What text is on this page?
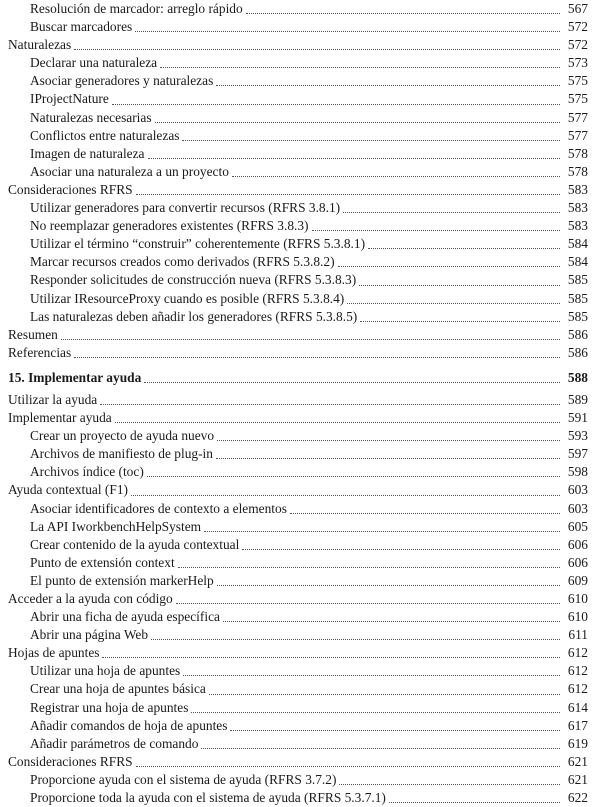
Resolución de marcador: arreglo rápido	567
Buscar marcadores	572
Naturalezas	572
Declarar una naturaleza	573
Asociar generadores y naturalezas	575
IProjectNature	575
Naturalezas necesarias	577
Conflictos entre naturalezas	577
Imagen de naturaleza	578
Asociar una naturaleza a un proyecto	578
Consideraciones RFRS	583
Utilizar generadores para convertir recursos (RFRS 3.8.1)	583
No reemplazar generadores existentes (RFRS 3.8.3)	583
Utilizar el término “construir” coherentemente (RFRS 5.3.8.1)	584
Marcar recursos creados como derivados (RFRS 5.3.8.2)	584
Responder solicitudes de construcción nueva (RFRS 5.3.8.3)	585
Utilizar IResourceProxy cuando es posible (RFRS 5.3.8.4)	585
Las naturalezas deben añadir los generadores (RFRS 5.3.8.5)	585
Resumen	586
Referencias	586
15. Implementar ayuda	588
Utilizar la ayuda	589
Implementar ayuda	591
Crear un proyecto de ayuda nuevo	593
Archivos de manifiesto de plug-in	597
Archivos índice (toc)	598
Ayuda contextual (F1)	603
Asociar identificadores de contexto a elementos	603
La API IworkbenchHelpSystem	605
Crear contenido de la ayuda contextual	606
Punto de extensión context	606
El punto de extensión markerHelp	609
Acceder a la ayuda con código	610
Abrir una ficha de ayuda específica	610
Abrir una página Web	611
Hojas de apuntes	612
Utilizar una hoja de apuntes	612
Crear una hoja de apuntes básica	612
Registrar una hoja de apuntes	614
Añadir comandos de hoja de apuntes	617
Añadir parámetros de comando	619
Consideraciones RFRS	621
Proporcione ayuda con el sistema de ayuda (RFRS 3.7.2)	621
Proporcione toda la ayuda con el sistema de ayuda (RFRS 5.3.7.1)	622
